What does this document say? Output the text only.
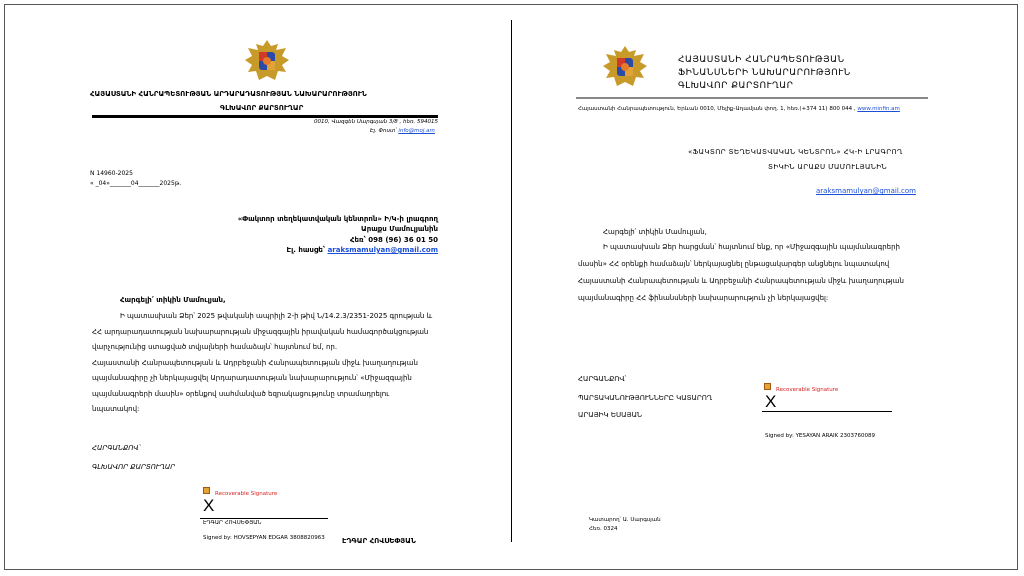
ՀԱՅԱՍՏԱՆԻ ՀԱՆՐԱՊԵՏՈՒԹՅԱՆ ԱՐԴԱՐԱԴԱՏՈՒԹՅԱՆ ՆԱԽԱՐԱՐՈՒԹՅՈՒՆ
ԳԼԽԱՎՈՐ ՔԱՐՏՈՒՂԱՐ
0010, Վազգեն Սարգսյան 3/8 , հեռ. 594015
Էլ. Փոստ՝ info@moj.am
N 14960-2025
« _04»_______04_______2025թ.
«Փակտոր տեղեկատվական կենտրոն» Ի/Կ-ի լրագրող
Արաքս Մամուլյանին
Հեռ՝ 098 (96) 36 01 50
Էլ. հասցե՝ araksmamulyan@gmail.com
Հարգելի՛ տիկին Մամուլյան,
Ի պատասխան Ձեր՝ 2025 թվականի ապրիլի 2-ի թիվ Ն/14.2.3/2351-2025 գրության և
ՀՀ արդարադատության նախարարության միջազգային իրավական համագործակցության
վարչությունից ստացված տվյալների համաձայն՝ հայտնում եմ, որ.
Հայաստանի Հանրապետության և Ադրբեջանի Հանրապետության միջև խաղաղության
պայմանագիրը չի ներկայացվել Արդարադատության նախարարություն՝ «Միջազգային
պայմանագրերի մասին» օրենքով սահմանված եզրակացությունը տրամադրելու
նպատակով:
ՀԱՐԳԱՆՔՈՎ՝
ԳԼԽԱՎՈՐ ՔԱՐՏՈՒՂԱՐ
Recoverable Signature
X
ԷԴԳԱՐ ՀՈՎՍԵՓՅԱՆ
Signed by: HOVSEPYAN EDGAR 3808820963 ԷԴԳԱՐ ՀՈՎՍԵՓՅԱՆ
ՀԱՅԱՍՏԱՆԻ ՀԱՆՐԱՊԵՏՈՒԹՅԱՆ
ՖԻՆԱՆՍՆԵՐԻ ՆԱԽԱՐԱՐՈՒԹՅՈՒՆ
ԳԼԽԱՎՈՐ ՔԱՐՏՈՒՂԱՐ
Հայաստանի Հանրապետություն, Երևան 0010, Մելիք-Ադամյան փող. 1, հեռ.(+374 11) 800 044 , www.minfin.am
«ՖԱԿՏՈՐ ՏԵՂԵԿԱՏՎԱԿԱՆ ԿԵՆՏՐՈՆ» ՀԿ-Ի ԼՐԱԳՐՈՂ
ՏԻԿԻՆ ԱՐԱՔՍ ՄԱՄՈՒԼՅԱՆԻՆ
araksmamulyan@gmail.com
Հարգելի՛ տիկին Մամուլյան,
Ի պատասխան Ձեր հարցման՝ հայտնում ենք, որ «Միջազգային պայմանագրերի
մասին» ՀՀ օրենքի համաձայն՝ ներկայացնել ընթացակարգեր անցնելու նպատակով
Հայաստանի Հանրապետության և Ադրբեջանի Հանրապետության միջև խաղաղության
պայմանագիրը ՀՀ ֆինանսների նախարարություն չի ներկայացվել:
ՀԱՐԳԱՆՔՈՎ՝
ՊԱՐՏԱԿԱՆՈՒԹՅՈՒՆՆԵՐԸ ԿԱՏԱՐՈՂ
ԱՐԱՅԻԿ ԵՍԱՅԱՆ
Recoverable Signature
X
Signed by: YESAYAN ARAIK 2303760089
Կատարող՝ Ա. Սարգսյան
Հեռ. 0324
